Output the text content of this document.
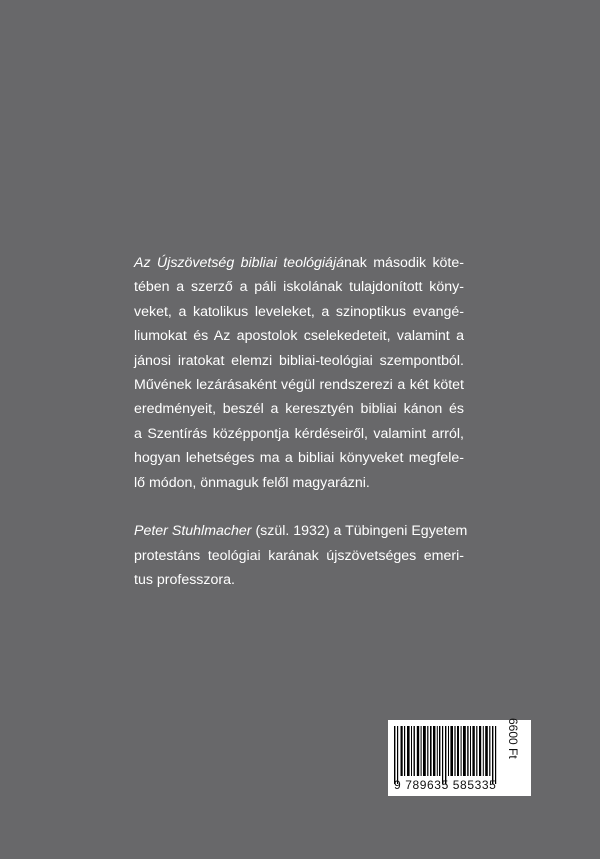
Az Újszövetség bibliai teológiájának második köte-
tében a szerző a páli iskolának tulajdonított köny-
veket, a katolikus leveleket, a szinoptikus evangé-
liumokat és Az apostolok cselekedeteit, valamint a
jánosi iratokat elemzi bibliai-teológiai szempontból.
Művének lezárásaként végül rendszerezi a két kötet
eredményeit, beszél a keresztyén bibliai kánon és
a Szentírás középpontja kérdéseiről, valamint arról,
hogyan lehetséges ma a bibliai könyveket megfele-
lő módon, önmaguk felől magyarázni.
Peter Stuhlmacher (szül. 1932) a Tübingeni Egyetem
protestáns teológiai karának újszövetséges emeri-
tus professzora.
9 789635 585335
6600 Ft
